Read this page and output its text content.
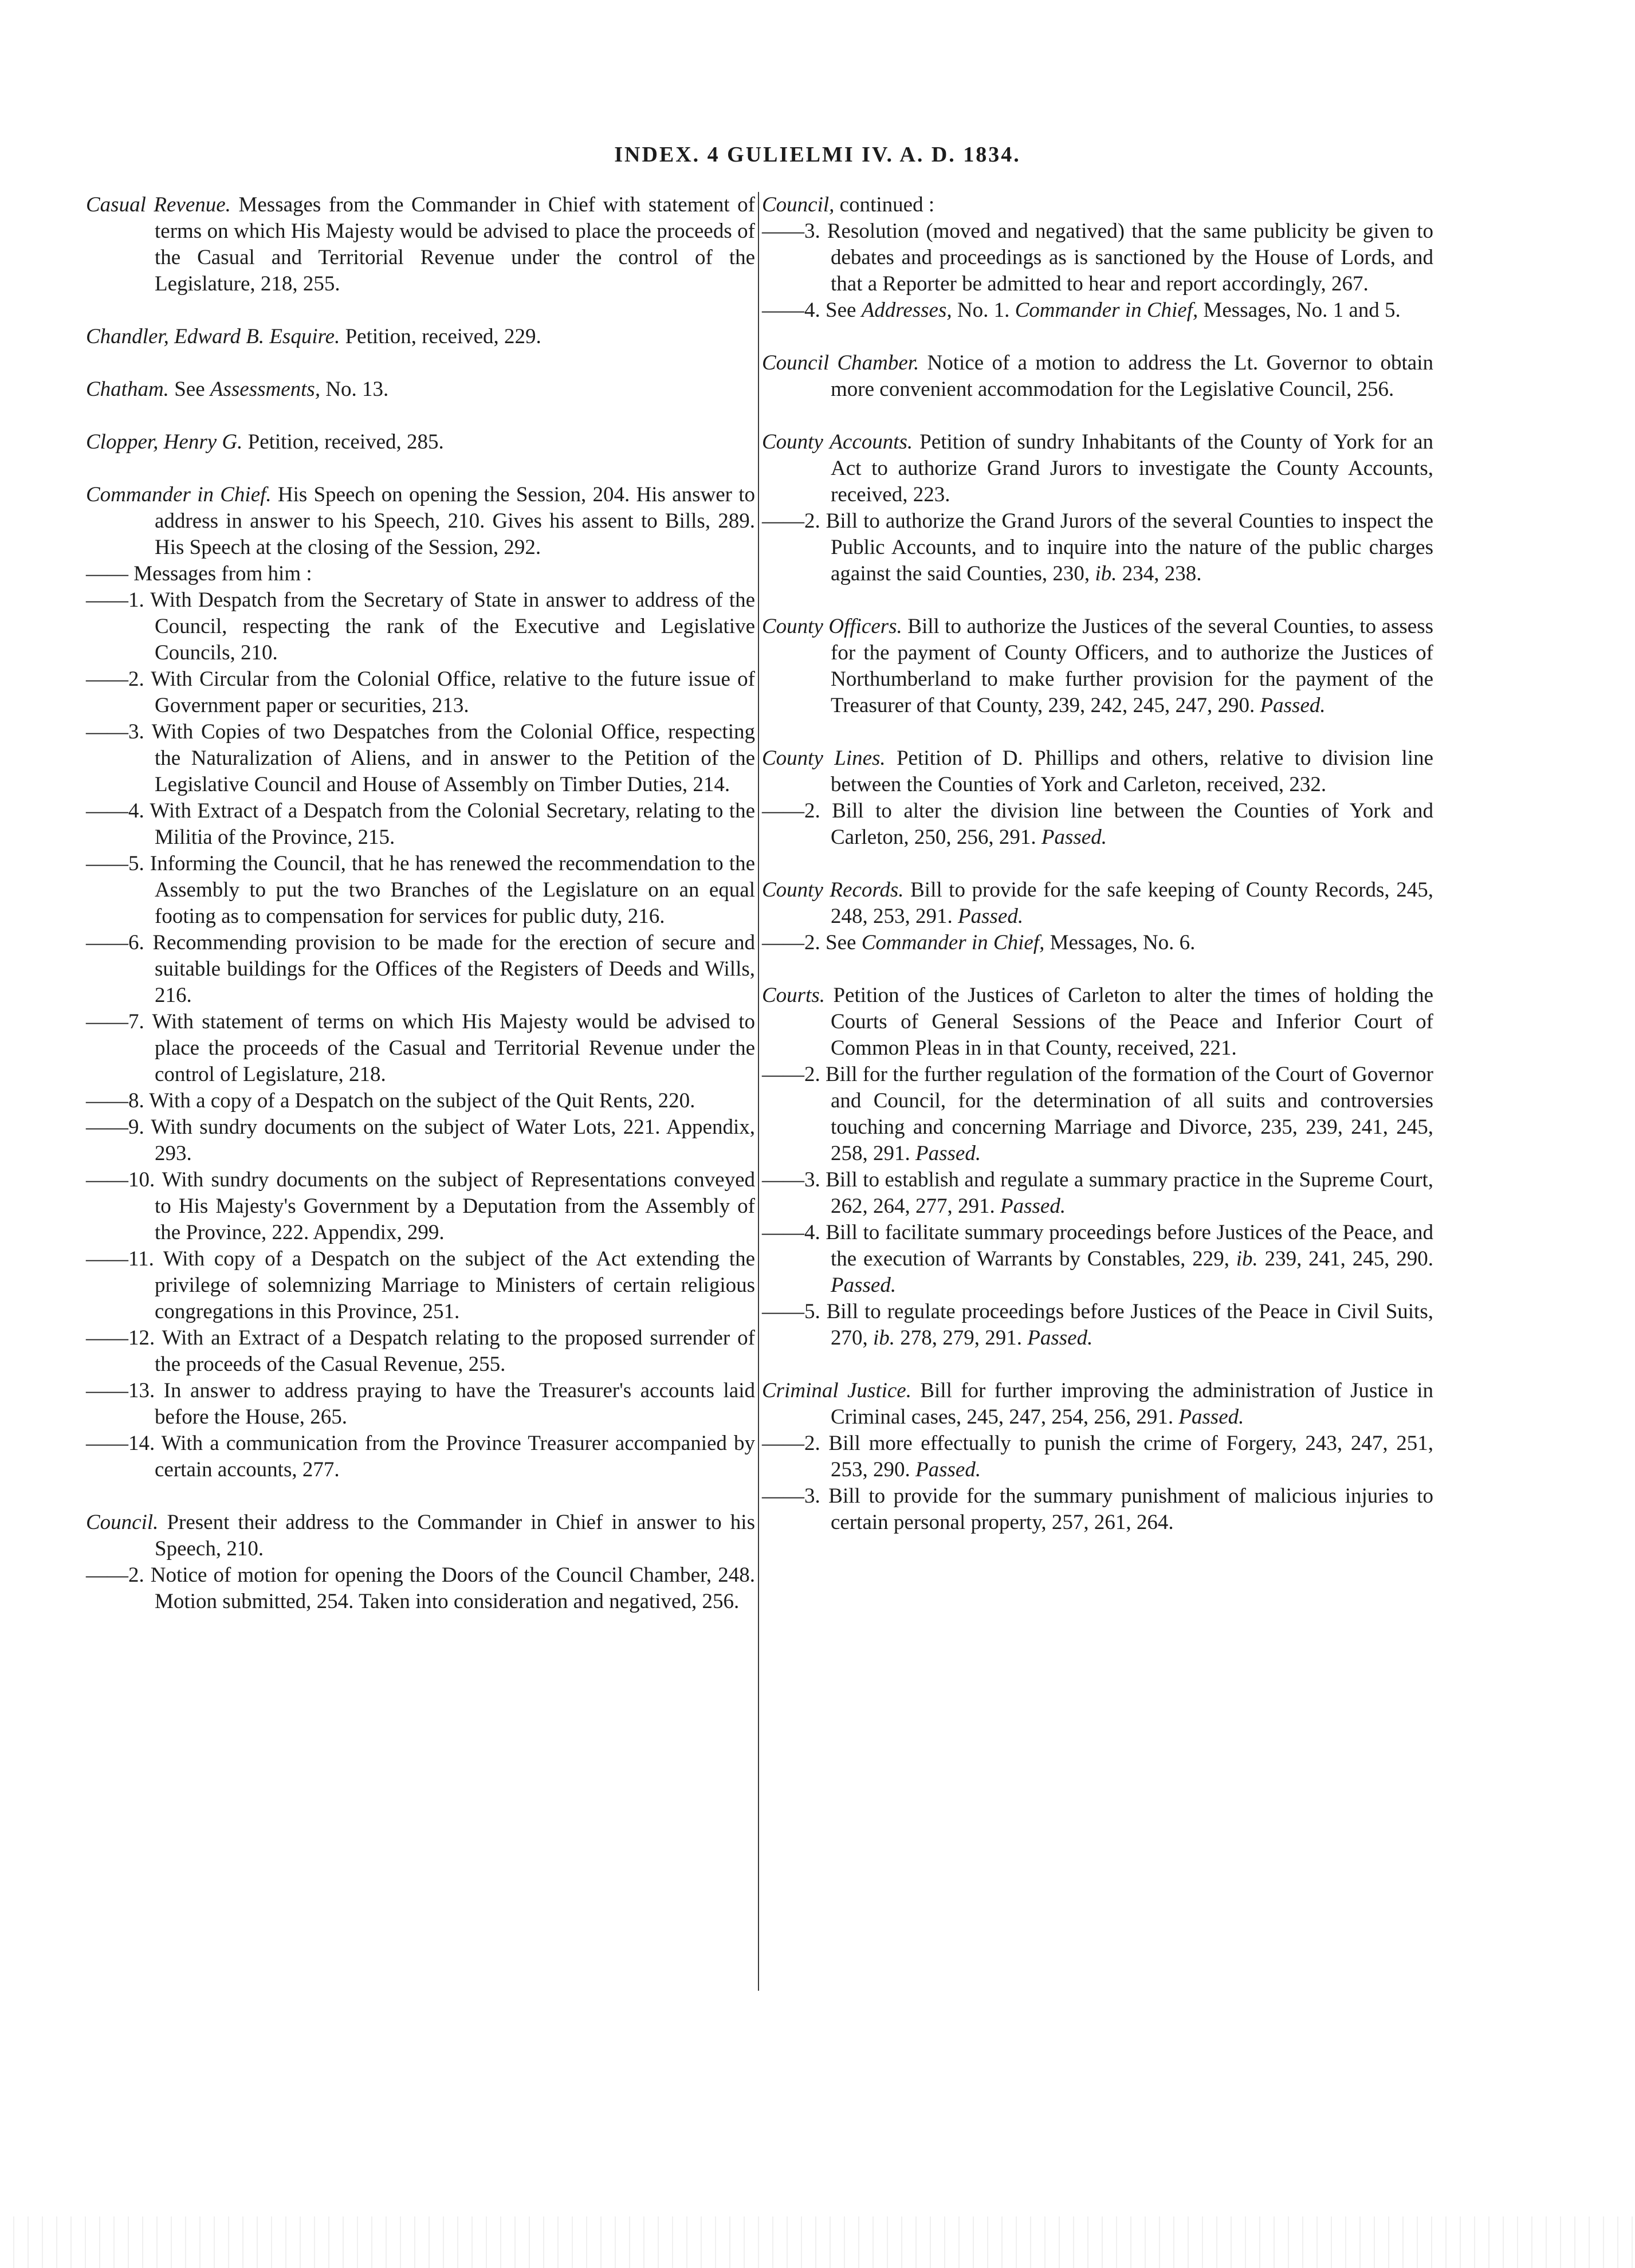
INDEX. 4 GULIELMI IV. A. D. 1834.
Casual Revenue. Messages from the Commander in Chief with statement of terms on which His Majesty would be advised to place the proceeds of the Casual and Territorial Revenue under the control of the Legislature, 218, 255.
Chandler, Edward B. Esquire. Petition, received, 229.
Chatham. See Assessments, No. 13.
Clopper, Henry G. Petition, received, 285.
Commander in Chief. His Speech on opening the Session, 204. His answer to address in answer to his Speech, 210. Gives his assent to Bills, 289. His Speech at the closing of the Session, 292.
—— Messages from him :
——1. With Despatch from the Secretary of State in answer to address of the Council, respecting the rank of the Executive and Legislative Councils, 210.
——2. With Circular from the Colonial Office, relative to the future issue of Government paper or securities, 213.
——3. With Copies of two Despatches from the Colonial Office, respecting the Naturalization of Aliens, and in answer to the Petition of the Legislative Council and House of Assembly on Timber Duties, 214.
——4. With Extract of a Despatch from the Colonial Secretary, relating to the Militia of the Province, 215.
——5. Informing the Council, that he has renewed the recommendation to the Assembly to put the two Branches of the Legislature on an equal footing as to compensation for services for public duty, 216.
——6. Recommending provision to be made for the erection of secure and suitable buildings for the Offices of the Registers of Deeds and Wills, 216.
——7. With statement of terms on which His Majesty would be advised to place the proceeds of the Casual and Territorial Revenue under the control of Legislature, 218.
——8. With a copy of a Despatch on the subject of the Quit Rents, 220.
——9. With sundry documents on the subject of Water Lots, 221. Appendix, 293.
——10. With sundry documents on the subject of Representations conveyed to His Majesty's Government by a Deputation from the Assembly of the Province, 222. Appendix, 299.
——11. With copy of a Despatch on the subject of the Act extending the privilege of solemnizing Marriage to Ministers of certain religious congregations in this Province, 251.
——12. With an Extract of a Despatch relating to the proposed surrender of the proceeds of the Casual Revenue, 255.
——13. In answer to address praying to have the Treasurer's accounts laid before the House, 265.
——14. With a communication from the Province Treasurer accompanied by certain accounts, 277.
Council. Present their address to the Commander in Chief in answer to his Speech, 210.
——2. Notice of motion for opening the Doors of the Council Chamber, 248. Motion submitted, 254. Taken into consideration and negatived, 256.
Council, continued :
——3. Resolution (moved and negatived) that the same publicity be given to debates and proceedings as is sanctioned by the House of Lords, and that a Reporter be admitted to hear and report accordingly, 267.
——4. See Addresses, No. 1. Commander in Chief, Messages, No. 1 and 5.
Council Chamber. Notice of a motion to address the Lt. Governor to obtain more convenient accommodation for the Legislative Council, 256.
County Accounts. Petition of sundry Inhabitants of the County of York for an Act to authorize Grand Jurors to investigate the County Accounts, received, 223.
——2. Bill to authorize the Grand Jurors of the several Counties to inspect the Public Accounts, and to inquire into the nature of the public charges against the said Counties, 230, ib. 234, 238.
County Officers. Bill to authorize the Justices of the several Counties, to assess for the payment of County Officers, and to authorize the Justices of Northumberland to make further provision for the payment of the Treasurer of that County, 239, 242, 245, 247, 290. Passed.
County Lines. Petition of D. Phillips and others, relative to division line between the Counties of York and Carleton, received, 232.
——2. Bill to alter the division line between the Counties of York and Carleton, 250, 256, 291. Passed.
County Records. Bill to provide for the safe keeping of County Records, 245, 248, 253, 291. Passed.
——2. See Commander in Chief, Messages, No. 6.
Courts. Petition of the Justices of Carleton to alter the times of holding the Courts of General Sessions of the Peace and Inferior Court of Common Pleas in in that County, received, 221.
——2. Bill for the further regulation of the formation of the Court of Governor and Council, for the determination of all suits and controversies touching and concerning Marriage and Divorce, 235, 239, 241, 245, 258, 291. Passed.
——3. Bill to establish and regulate a summary practice in the Supreme Court, 262, 264, 277, 291. Passed.
——4. Bill to facilitate summary proceedings before Justices of the Peace, and the execution of Warrants by Constables, 229, ib. 239, 241, 245, 290. Passed.
——5. Bill to regulate proceedings before Justices of the Peace in Civil Suits, 270, ib. 278, 279, 291. Passed.
Criminal Justice. Bill for further improving the administration of Justice in Criminal cases, 245, 247, 254, 256, 291. Passed.
——2. Bill more effectually to punish the crime of Forgery, 243, 247, 251, 253, 290. Passed.
——3. Bill to provide for the summary punishment of malicious injuries to certain personal property, 257, 261, 264.
